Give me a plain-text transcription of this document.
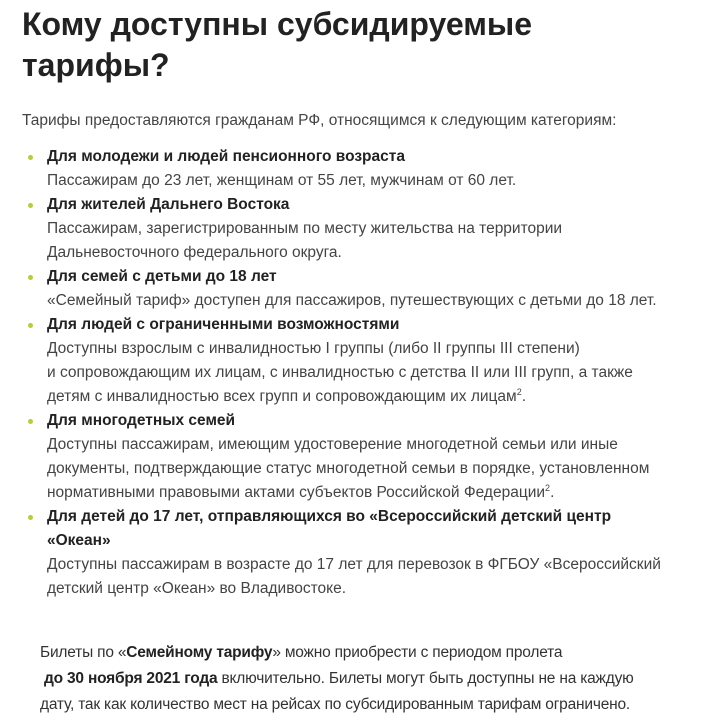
Кому доступны субсидируемые тарифы?
Тарифы предоставляются гражданам РФ, относящимся к следующим категориям:
Для молодежи и людей пенсионного возраста
Пассажирам до 23 лет, женщинам от 55 лет, мужчинам от 60 лет.
Для жителей Дальнего Востока
Пассажирам, зарегистрированным по месту жительства на территории
Дальневосточного федерального округа.
Для семей с детьми до 18 лет
«Семейный тариф» доступен для пассажиров, путешествующих с детьми до 18 лет.
Для людей с ограниченными возможностями
Доступны взрослым с инвалидностью I группы (либо II группы III степени)
и сопровождающим их лицам, с инвалидностью с детства II или III групп, а также
детям с инвалидностью всех групп и сопровождающим их лицам$^2$.
Для многодетных семей
Доступны пассажирам, имеющим удостоверение многодетной семьи или иные
документы, подтверждающие статус многодетной семьи в порядке, установленном
нормативными правовыми актами субъектов Российской Федерации$^2$.
Для детей до 17 лет, отправляющихся во «Всероссийский детский центр
«Океан»
Доступны пассажирам в возрасте до 17 лет для перевозок в ФГБОУ «Всероссийский
детский центр «Океан» во Владивостоке.
Билеты по «Семейному тарифу» можно приобрести с периодом пролета
до 30 ноября 2021 года включительно. Билеты могут быть доступны не на каждую
дату, так как количество мест на рейсах по субсидированным тарифам ограничено.
